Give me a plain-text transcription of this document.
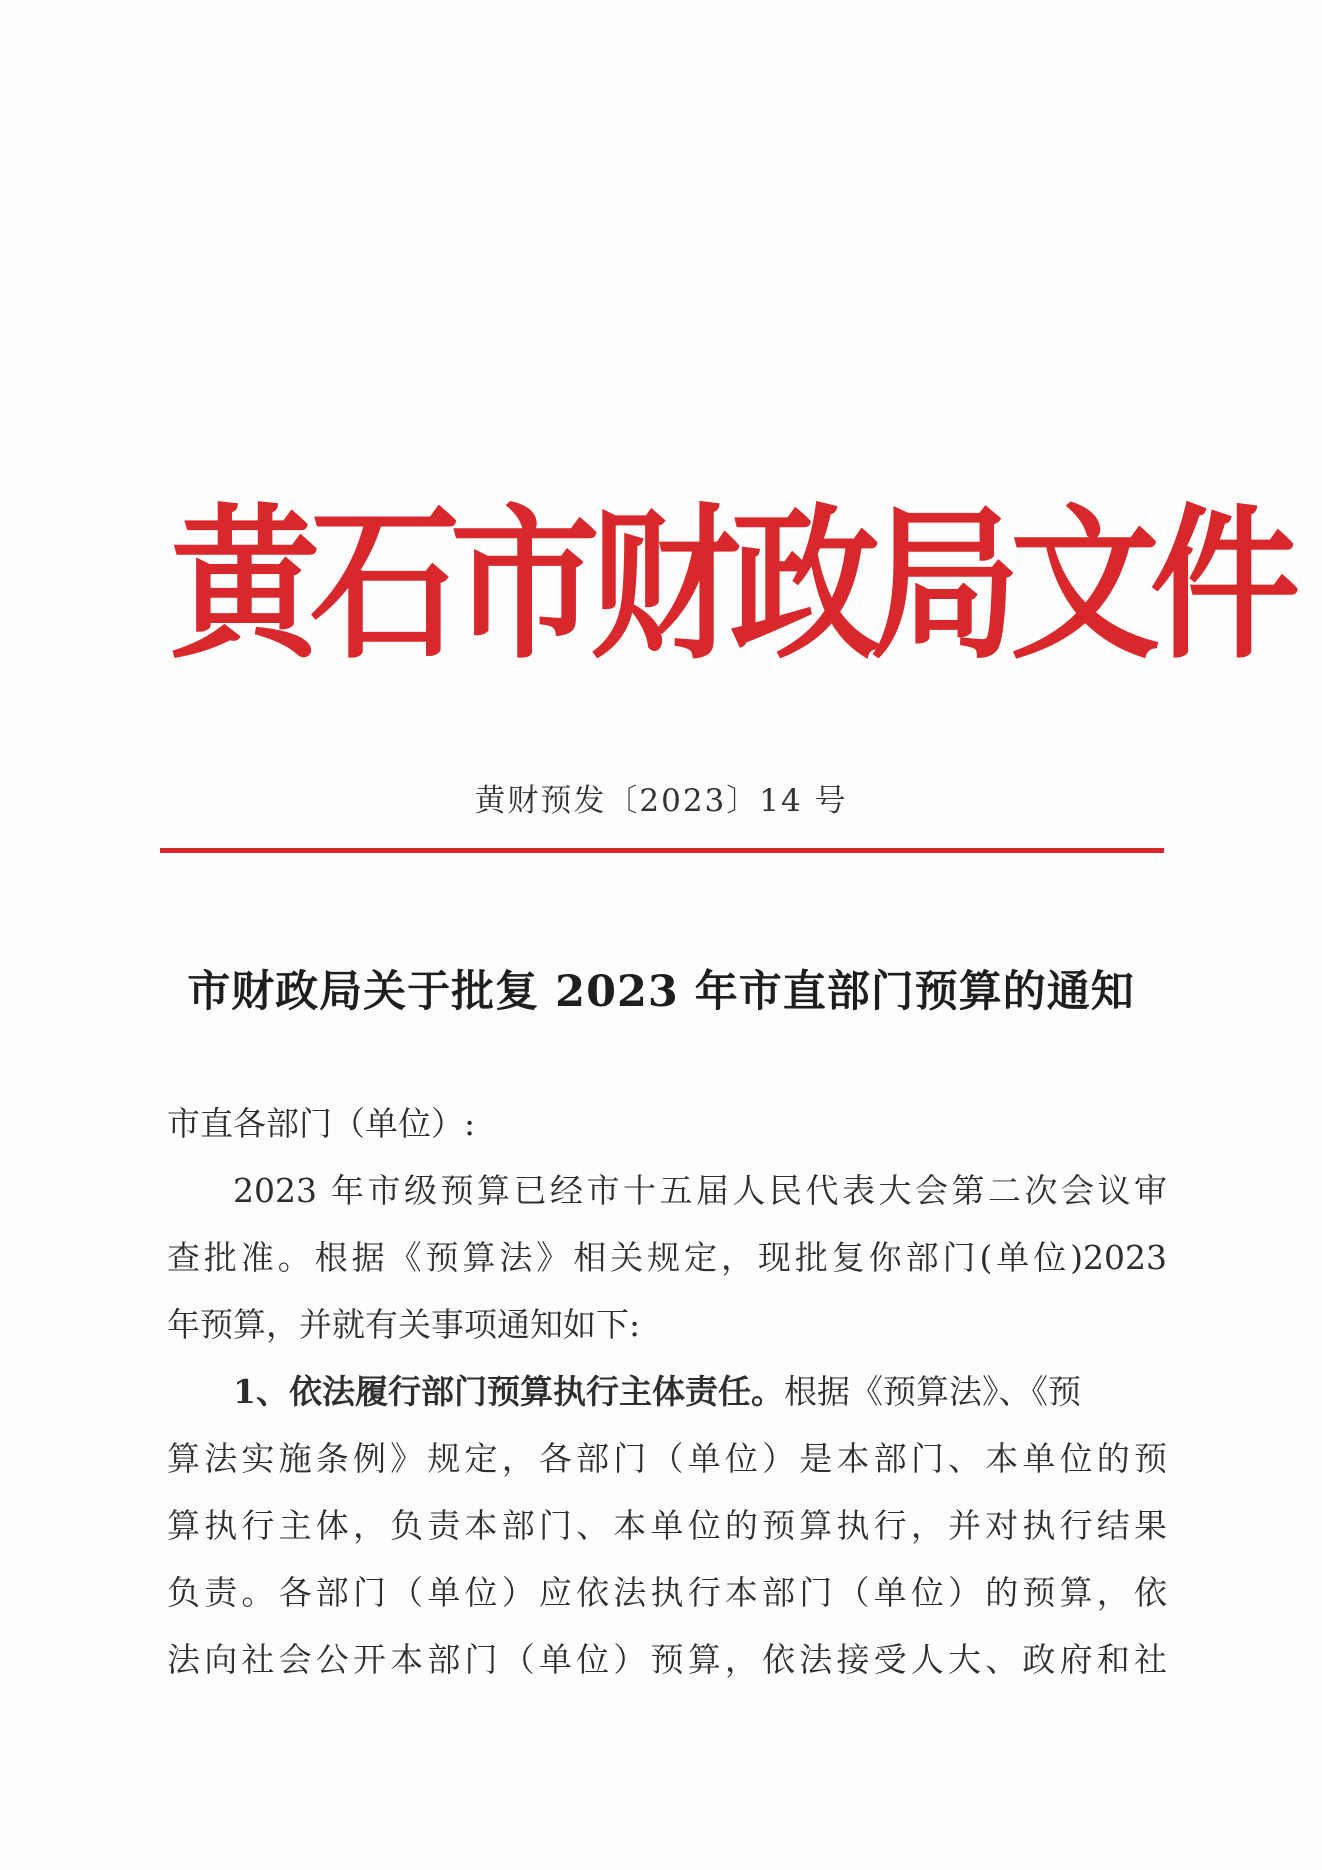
黄石市财政局文件
黄财预发〔2023〕14 号
市财政局关于批复 2023 年市直部门预算的通知
市直各部门（单位）:
2023 年市级预算已经市十五届人民代表大会第二次会议审
查批准。根据《预算法》相关规定，现批复你部门(单位)2023
年预算，并就有关事项通知如下:
1、依法履行部门预算执行主体责任。根据《预算法》、《预
算法实施条例》规定，各部门（单位）是本部门、本单位的预
算执行主体，负责本部门、本单位的预算执行，并对执行结果
负责。各部门（单位）应依法执行本部门（单位）的预算，依
法向社会公开本部门（单位）预算，依法接受人大、政府和社
